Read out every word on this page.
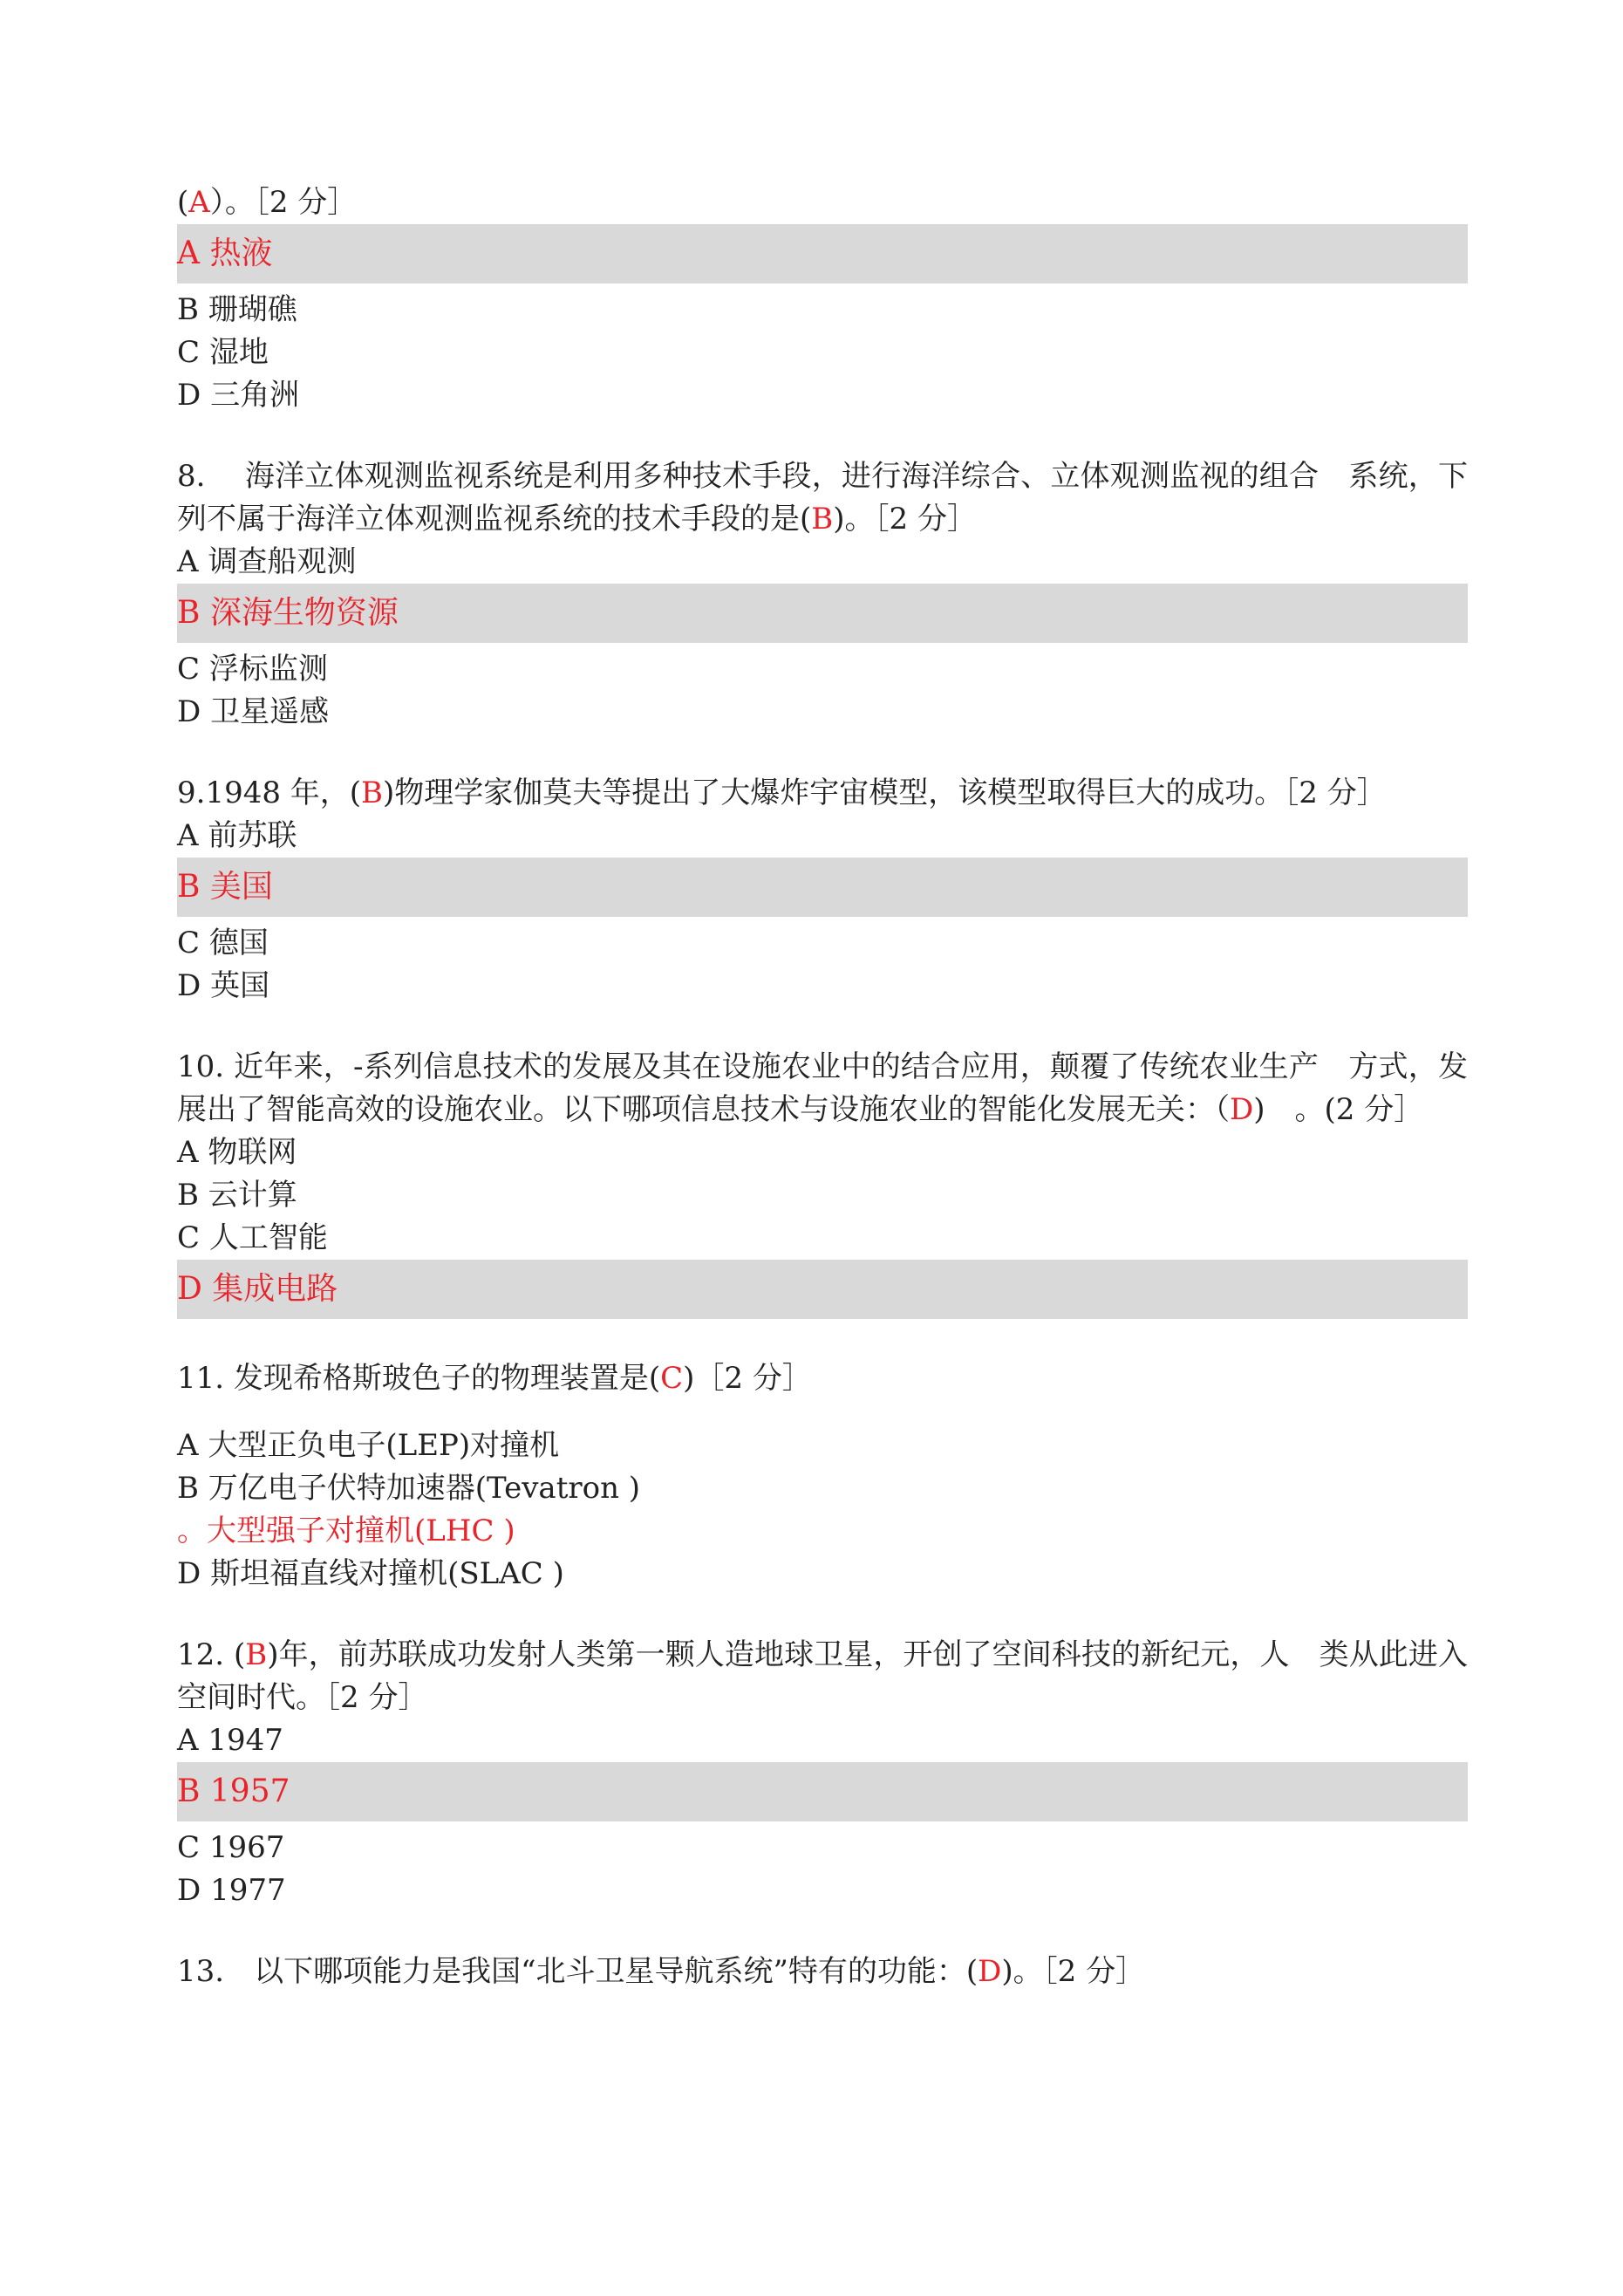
(A）。［2 分］

A 热液

B 珊瑚礁

C 湿地

D 三角洲

8.　 海洋立体观测监视系统是利用多种技术手段，进行海洋综合、立体观测监视的组合　系统，下列不属于海洋立体观测监视系统的技术手段的是(B)。［2 分］

A 调查船观测

B 深海生物资源

C 浮标监测

D 卫星遥感

9.1948 年，(B)物理学家伽莫夫等提出了大爆炸宇宙模型，该模型取得巨大的成功。［2 分］

A 前苏联

B 美国

C 德国

D 英国

10. 近年来，-系列信息技术的发展及其在设施农业中的结合应用，颠覆了传统农业生产　方式，发展出了智能高效的设施农业。以下哪项信息技术与设施农业的智能化发展无关：（D)　。(2 分］

A 物联网

B 云计算

C 人工智能

D 集成电路

11. 发现希格斯玻色子的物理装置是(C)［2 分］

A 大型正负电子(LEP)对撞机

B 万亿电子伏特加速器(Tevatron )

。大型强子对撞机(LHC )

D 斯坦福直线对撞机(SLAC )

12. (B)年，前苏联成功发射人类第一颗人造地球卫星，开创了空间科技的新纪元，人　类从此进入空间时代。［2 分］

A 1947

B 1957

C 1967

D 1977

13.　以下哪项能力是我国“北斗卫星导航系统”特有的功能：(D)。［2 分］
